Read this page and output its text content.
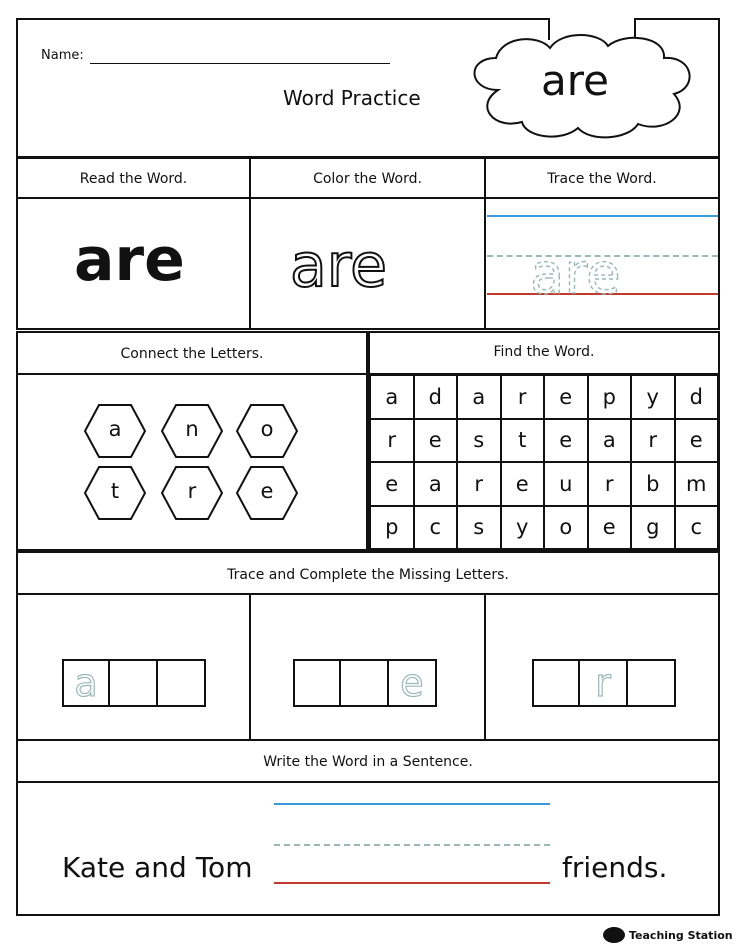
Name:
Word Practice	are
Read the Word.	Color the Word.	Trace the Word.
are are	are
Connect the Letters.	Find the Word.
a	n	o
t	r	e
a	d	a	r	e	p	y	d
r	e	s	t	e	a	r	e
e	a	r	e	u	r	b	m
p	c	s	y	o	e	g	c
Trace and Complete the Missing Letters.
a	e	r
Write the Word in a Sentence.
Kate and Tom	friends.
Teaching Station
